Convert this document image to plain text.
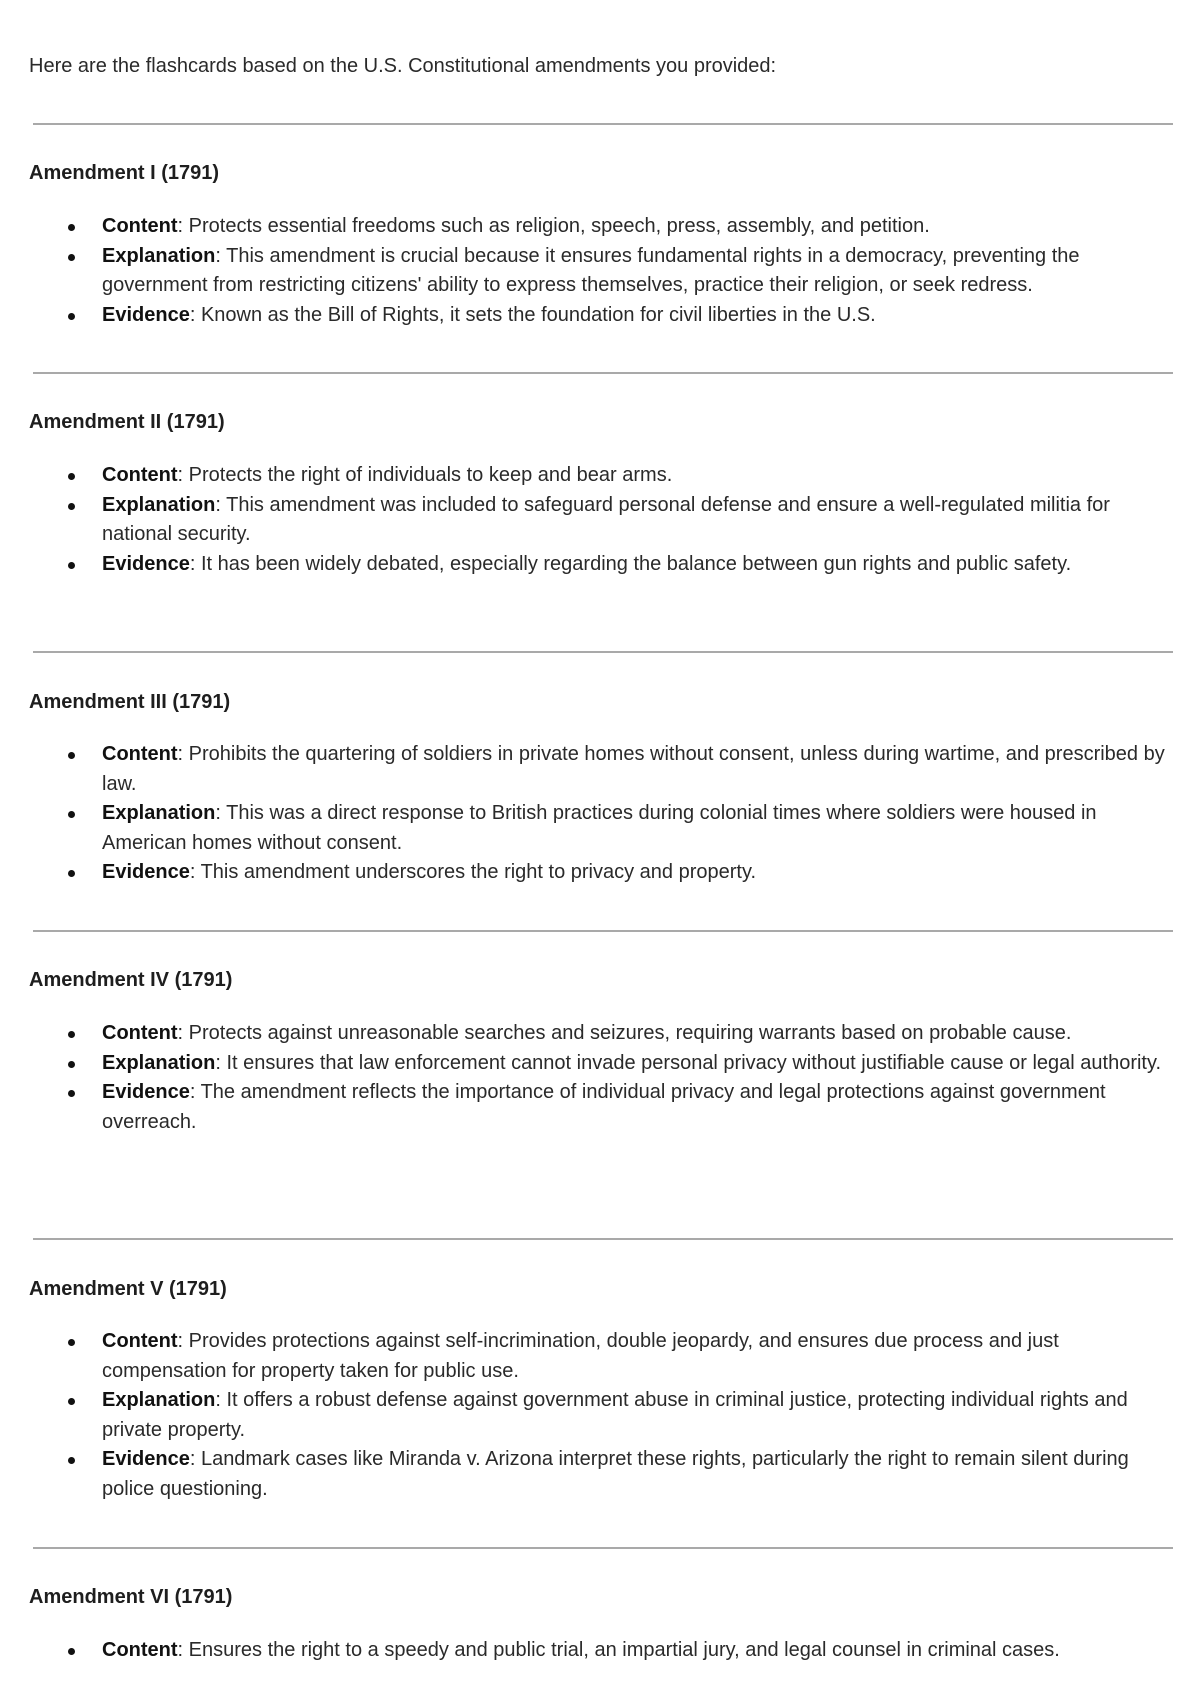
Here are the flashcards based on the U.S. Constitutional amendments you provided:
Amendment I (1791)
Content: Protects essential freedoms such as religion, speech, press, assembly, and petition.
Explanation: This amendment is crucial because it ensures fundamental rights in a democracy, preventing the government from restricting citizens' ability to express themselves, practice their religion, or seek redress.
Evidence: Known as the Bill of Rights, it sets the foundation for civil liberties in the U.S.
Amendment II (1791)
Content: Protects the right of individuals to keep and bear arms.
Explanation: This amendment was included to safeguard personal defense and ensure a well-regulated militia for national security.
Evidence: It has been widely debated, especially regarding the balance between gun rights and public safety.
Amendment III (1791)
Content: Prohibits the quartering of soldiers in private homes without consent, unless during wartime, and prescribed by law.
Explanation: This was a direct response to British practices during colonial times where soldiers were housed in American homes without consent.
Evidence: This amendment underscores the right to privacy and property.
Amendment IV (1791)
Content: Protects against unreasonable searches and seizures, requiring warrants based on probable cause.
Explanation: It ensures that law enforcement cannot invade personal privacy without justifiable cause or legal authority.
Evidence: The amendment reflects the importance of individual privacy and legal protections against government overreach.
Amendment V (1791)
Content: Provides protections against self-incrimination, double jeopardy, and ensures due process and just compensation for property taken for public use.
Explanation: It offers a robust defense against government abuse in criminal justice, protecting individual rights and private property.
Evidence: Landmark cases like Miranda v. Arizona interpret these rights, particularly the right to remain silent during police questioning.
Amendment VI (1791)
Content: Ensures the right to a speedy and public trial, an impartial jury, and legal counsel in criminal cases.
